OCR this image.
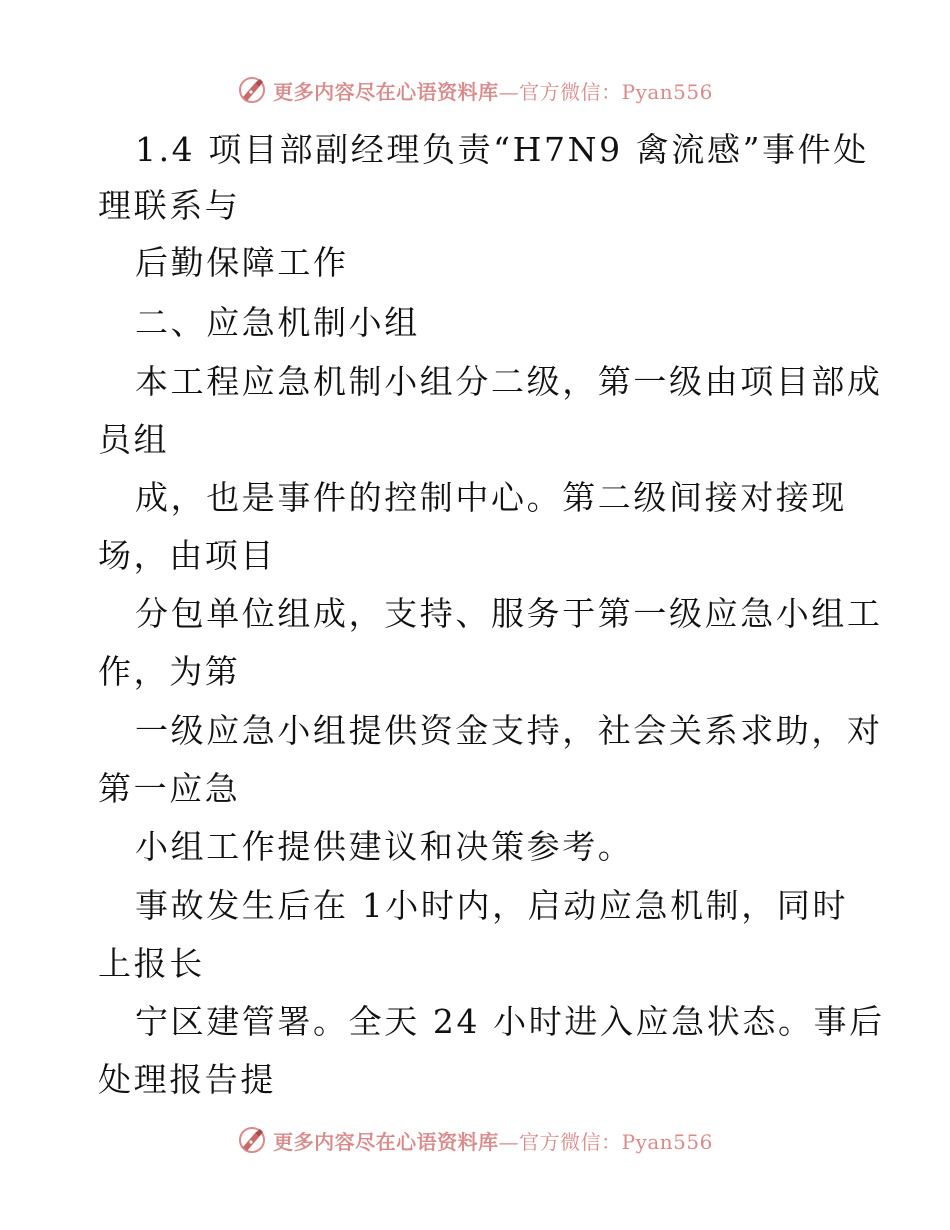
更多内容尽在心语资料库—官方微信：Pyan556
1.4 项目部副经理负责“H7N9 禽流感”事件处
理联系与
后勤保障工作
二、应急机制小组
本工程应急机制小组分二级，第一级由项目部成
员组
成，也是事件的控制中心。第二级间接对接现
场，由项目
分包单位组成，支持、服务于第一级应急小组工
作，为第
一级应急小组提供资金支持，社会关系求助，对
第一应急
小组工作提供建议和决策参考。
事故发生后在 1小时内，启动应急机制，同时
上报长
宁区建管署。全天 24 小时进入应急状态。事后
处理报告提
更多内容尽在心语资料库—官方微信：Pyan556
